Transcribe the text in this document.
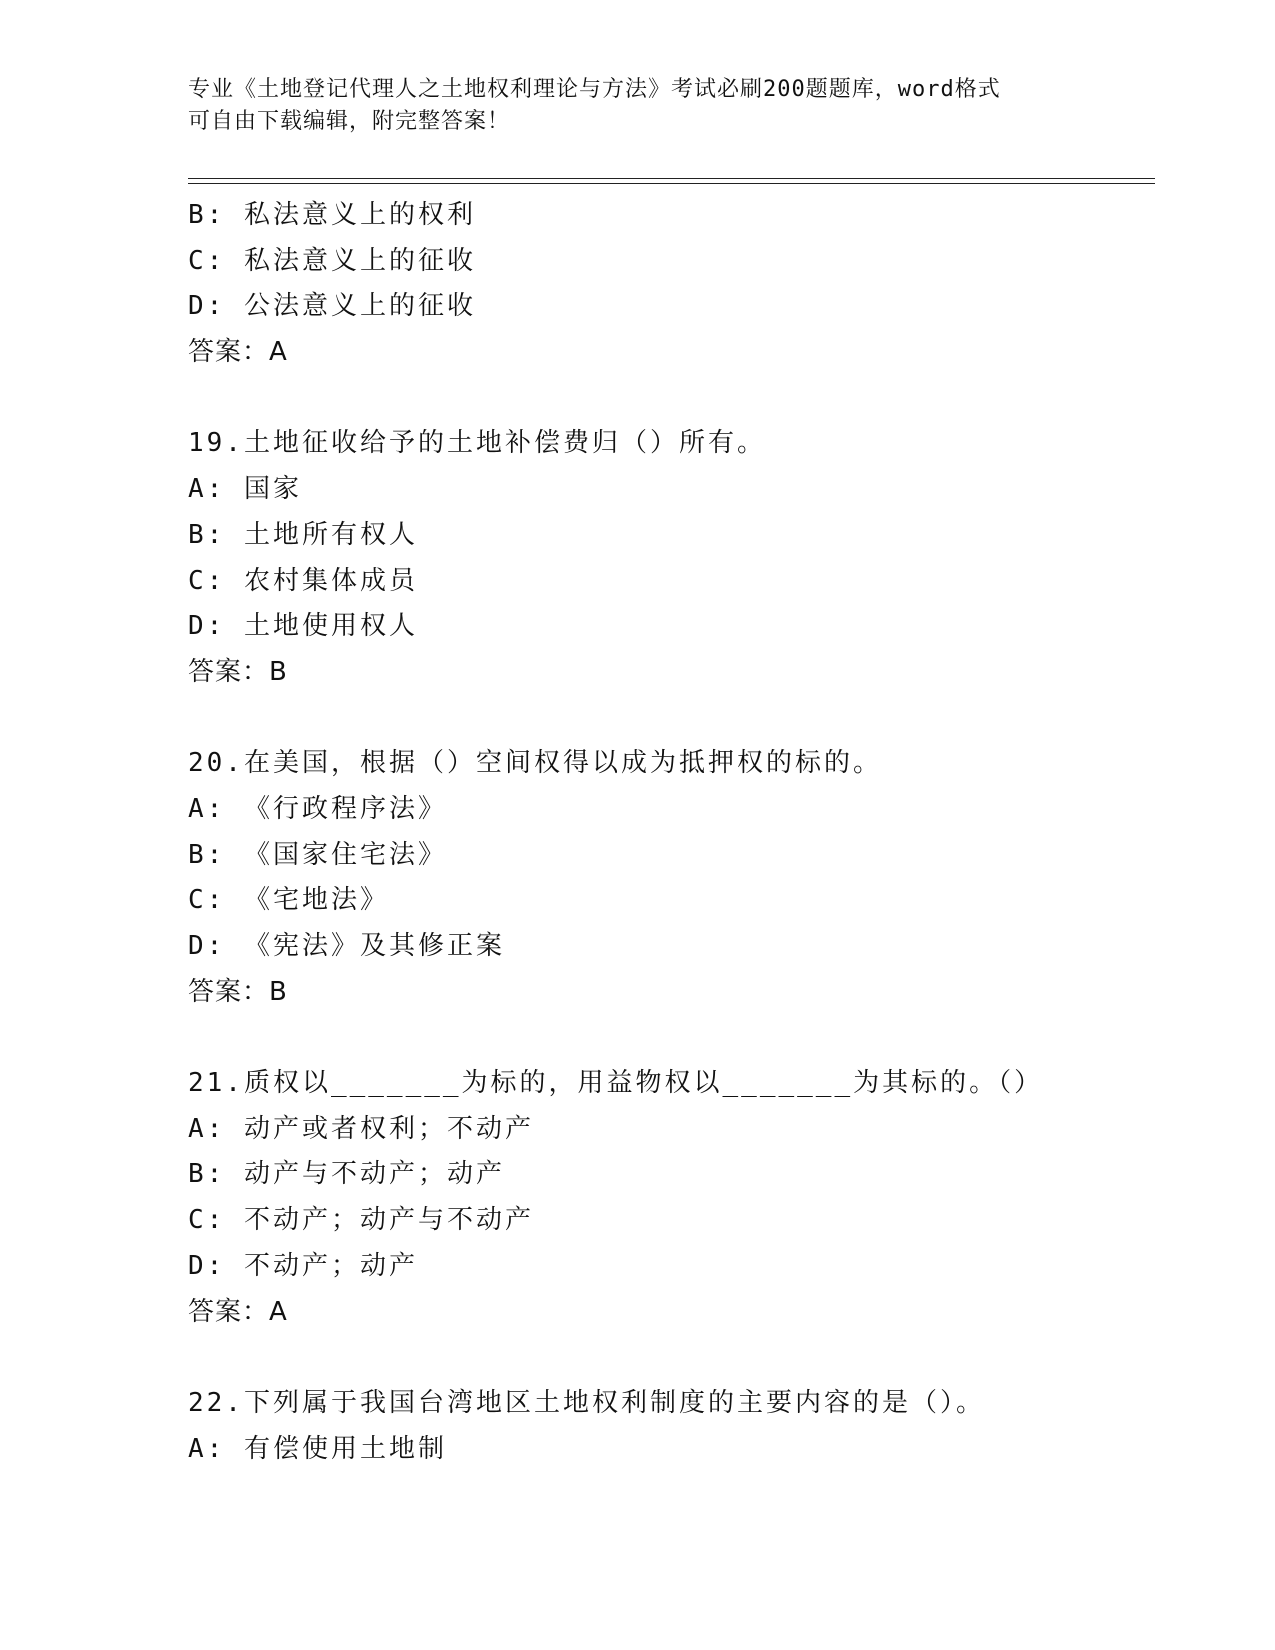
专业《土地登记代理人之土地权利理论与方法》考试必刷200题题库，word格式
可自由下载编辑，附完整答案！
B: 私法意义上的权利
C: 私法意义上的征收
D: 公法意义上的征收
答案：A
19.土地征收给予的土地补偿费归（）所有。
A: 国家
B: 土地所有权人
C: 农村集体成员
D: 土地使用权人
答案：B
20.在美国，根据（）空间权得以成为抵押权的标的。
A: 《行政程序法》
B: 《国家住宅法》
C: 《宅地法》
D: 《宪法》及其修正案
答案：B
21.质权以_______为标的，用益物权以_______为其标的。（）
A: 动产或者权利；不动产
B: 动产与不动产；动产
C: 不动产；动产与不动产
D: 不动产；动产
答案：A
22.下列属于我国台湾地区土地权利制度的主要内容的是（）。
A: 有偿使用土地制
